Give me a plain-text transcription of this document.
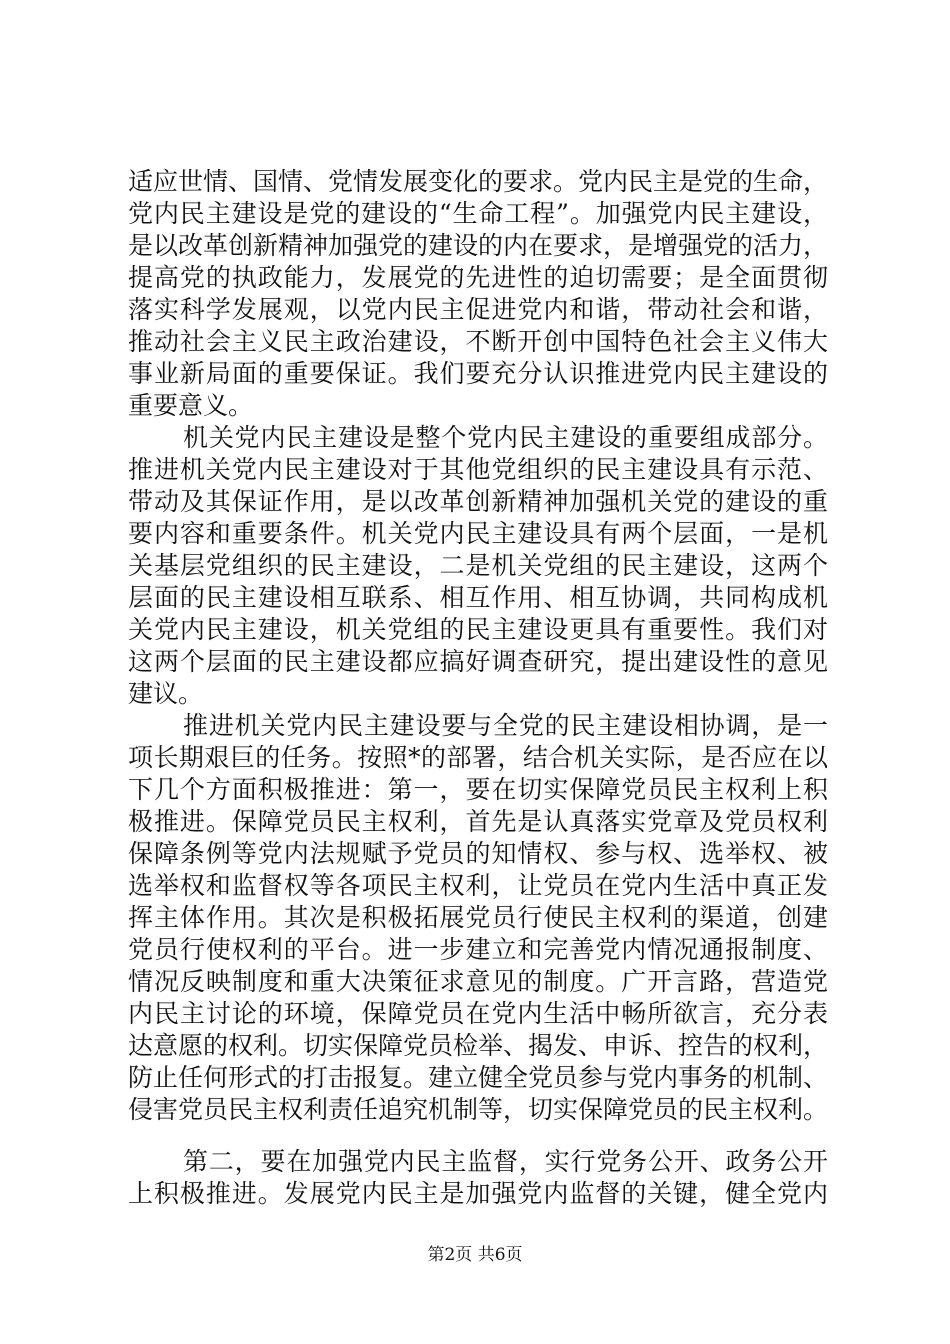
适应世情、国情、党情发展变化的要求。党内民主是党的生命，
党内民主建设是党的建设的“生命工程”。加强党内民主建设，
是以改革创新精神加强党的建设的内在要求，是增强党的活力，
提高党的执政能力，发展党的先进性的迫切需要；是全面贯彻
落实科学发展观，以党内民主促进党内和谐，带动社会和谐，
推动社会主义民主政治建设，不断开创中国特色社会主义伟大
事业新局面的重要保证。我们要充分认识推进党内民主建设的
重要意义。
机关党内民主建设是整个党内民主建设的重要组成部分。
推进机关党内民主建设对于其他党组织的民主建设具有示范、
带动及其保证作用，是以改革创新精神加强机关党的建设的重
要内容和重要条件。机关党内民主建设具有两个层面，一是机
关基层党组织的民主建设，二是机关党组的民主建设，这两个
层面的民主建设相互联系、相互作用、相互协调，共同构成机
关党内民主建设，机关党组的民主建设更具有重要性。我们对
这两个层面的民主建设都应搞好调查研究，提出建设性的意见
建议。
推进机关党内民主建设要与全党的民主建设相协调，是一
项长期艰巨的任务。按照*的部署，结合机关实际，是否应在以
下几个方面积极推进：第一，要在切实保障党员民主权利上积
极推进。保障党员民主权利，首先是认真落实党章及党员权利
保障条例等党内法规赋予党员的知情权、参与权、选举权、被
选举权和监督权等各项民主权利，让党员在党内生活中真正发
挥主体作用。其次是积极拓展党员行使民主权利的渠道，创建
党员行使权利的平台。进一步建立和完善党内情况通报制度、
情况反映制度和重大决策征求意见的制度。广开言路，营造党
内民主讨论的环境，保障党员在党内生活中畅所欲言，充分表
达意愿的权利。切实保障党员检举、揭发、申诉、控告的权利，
防止任何形式的打击报复。建立健全党员参与党内事务的机制、
侵害党员民主权利责任追究机制等，切实保障党员的民主权利。
第二，要在加强党内民主监督，实行党务公开、政务公开
上积极推进。发展党内民主是加强党内监督的关键，健全党内
第2页 共6页
